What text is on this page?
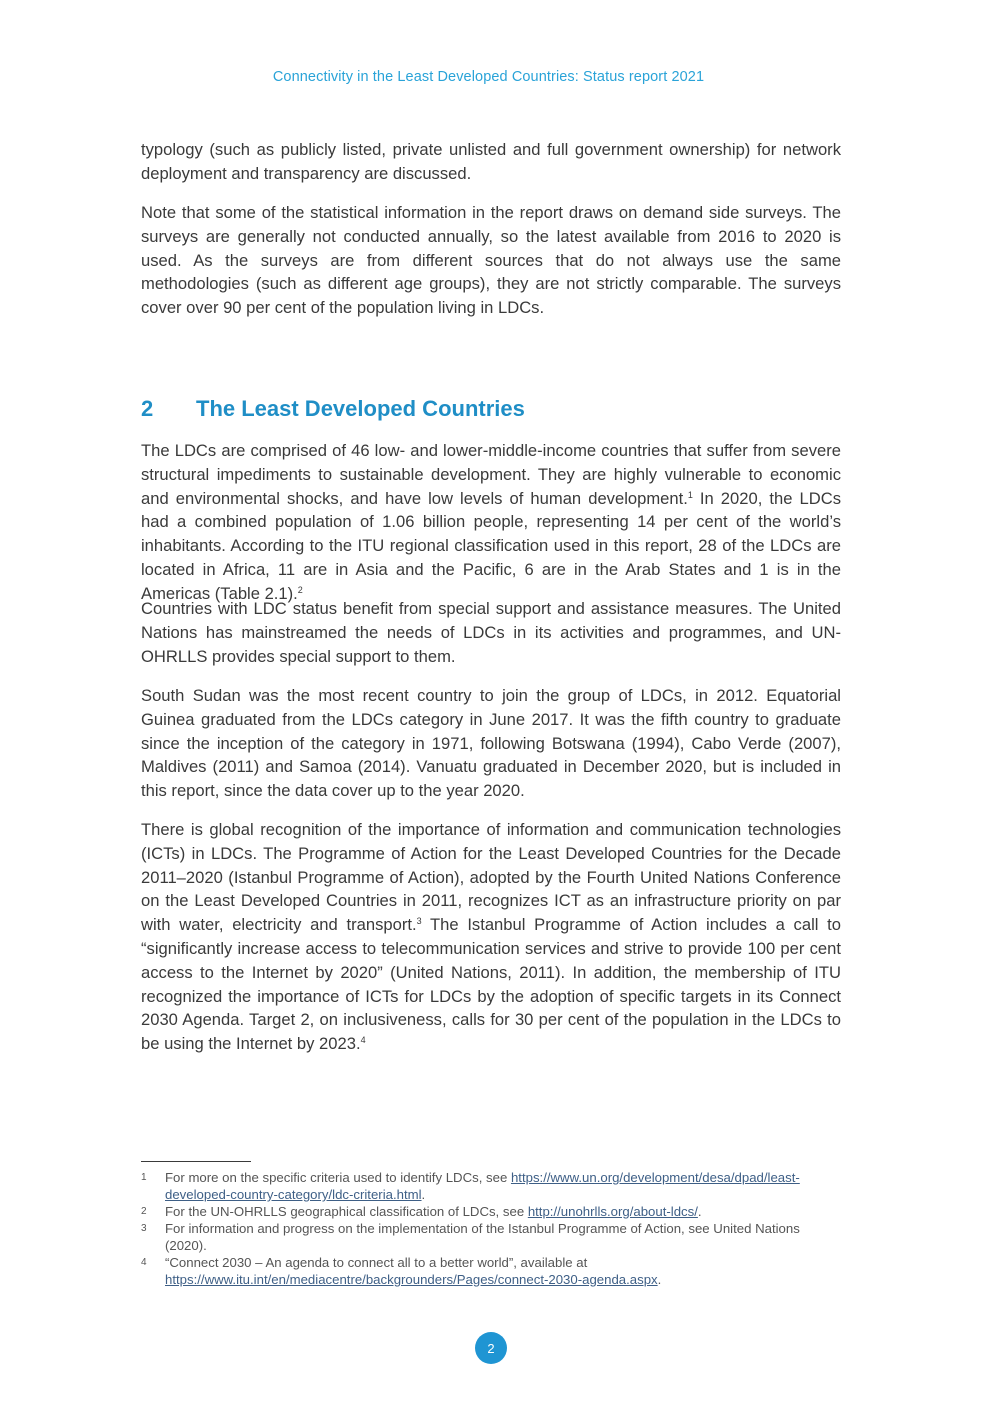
Connectivity in the Least Developed Countries: Status report 2021

typology (such as publicly listed, private unlisted and full government ownership) for network deployment and transparency are discussed.

Note that some of the statistical information in the report draws on demand side surveys. The surveys are generally not conducted annually, so the latest available from 2016 to 2020 is used. As the surveys are from different sources that do not always use the same methodologies (such as different age groups), they are not strictly comparable. The surveys cover over 90 per cent of the population living in LDCs.

2 The Least Developed Countries

The LDCs are comprised of 46 low- and lower-middle-income countries that suffer from severe structural impediments to sustainable development. They are highly vulnerable to economic and environmental shocks, and have low levels of human development.$^1$ In 2020, the LDCs had a combined population of 1.06 billion people, representing 14 per cent of the world’s inhabitants. According to the ITU regional classification used in this report, 28 of the LDCs are located in Africa, 11 are in Asia and the Pacific, 6 are in the Arab States and 1 is in the Americas (Table 2.1).$^2$

Countries with LDC status benefit from special support and assistance measures. The United Nations has mainstreamed the needs of LDCs in its activities and programmes, and UN-OHRLLS provides special support to them.

South Sudan was the most recent country to join the group of LDCs, in 2012. Equatorial Guinea graduated from the LDCs category in June 2017. It was the fifth country to graduate since the inception of the category in 1971, following Botswana (1994), Cabo Verde (2007), Maldives (2011) and Samoa (2014). Vanuatu graduated in December 2020, but is included in this report, since the data cover up to the year 2020.

There is global recognition of the importance of information and communication technologies (ICTs) in LDCs. The Programme of Action for the Least Developed Countries for the Decade 2011–2020 (Istanbul Programme of Action), adopted by the Fourth United Nations Conference on the Least Developed Countries in 2011, recognizes ICT as an infrastructure priority on par with water, electricity and transport.$^3$ The Istanbul Programme of Action includes a call to “significantly increase access to telecommunication services and strive to provide 100 per cent access to the Internet by 2020” (United Nations, 2011). In addition, the membership of ITU recognized the importance of ICTs for LDCs by the adoption of specific targets in its Connect 2030 Agenda. Target 2, on inclusiveness, calls for 30 per cent of the population in the LDCs to be using the Internet by 2023.$^4$

1	For more on the specific criteria used to identify LDCs, see https://www.un.org/development/desa/dpad/least-developed-country-category/ldc-criteria.html.
2	For the UN-OHRLLS geographical classification of LDCs, see http://unohrlls.org/about-ldcs/.
3	For information and progress on the implementation of the Istanbul Programme of Action, see United Nations (2020).
4	“Connect 2030 – An agenda to connect all to a better world”, available at https://www.itu.int/en/mediacentre/backgrounders/Pages/connect-2030-agenda.aspx.
2
